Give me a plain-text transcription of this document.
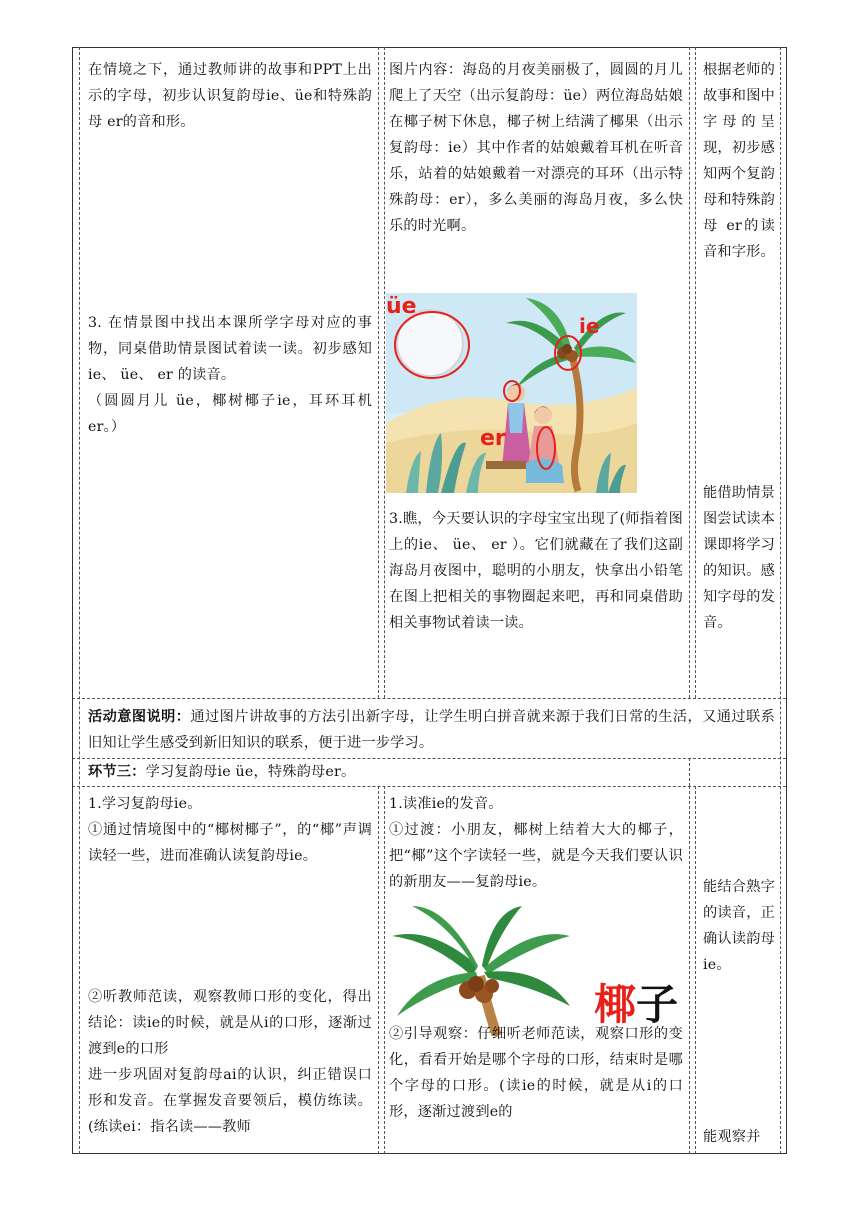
在情境之下，通过教师讲的故事和PPT上出示的字母，初步认识复韵母ie、üe和特殊韵母 er的音和形。

3. 在情景图中找出本课所学字母对应的事物，同桌借助情景图试着读一读。初步感知ie、 üe、 er 的读音。

（圆圆月儿 üe，椰树椰子ie，耳环耳机 er。）

图片内容：海岛的月夜美丽极了，圆圆的月儿爬上了天空（出示复韵母：üe）两位海岛姑娘在椰子树下休息，椰子树上结满了椰果（出示复韵母：ie）其中作者的姑娘戴着耳机在听音乐，站着的姑娘戴着一对漂亮的耳环（出示特殊韵母：er），多么美丽的海岛月夜，多么快乐的时光啊。

üe
ie
er

3.瞧，今天要认识的字母宝宝出现了(师指着图上的ie、 üe、 er ）。它们就藏在了我们这副海岛月夜图中，聪明的小朋友，快拿出小铅笔在图上把相关的事物圈起来吧，再和同桌借助相关事物试着读一读。

根据老师的故事和图中字母的呈现，初步感知两个复韵母和特殊韵母 er的读音和字形。

能借助情景图尝试读本课即将学习的知识。感知字母的发音。

活动意图说明：通过图片讲故事的方法引出新字母，让学生明白拼音就来源于我们日常的生活，又通过联系旧知让学生感受到新旧知识的联系，便于进一步学习。

环节三：学习复韵母ie üe，特殊韵母er。

1.学习复韵母ie。

①通过情境图中的“椰树椰子”，的“椰”声调读轻一些，进而准确认读复韵母ie。

②听教师范读，观察教师口形的变化，得出结论：读ie的时候，就是从i的口形，逐渐过渡到e的口形

进一步巩固对复韵母ai的认识，纠正错误口形和发音。在掌握发音要领后，模仿练读。(练读ei：指名读——教师

1.读准ie的发音。

①过渡：小朋友，椰树上结着大大的椰子，把“椰”这个字读轻一些，就是今天我们要认识的新朋友——复韵母ie。

椰子

②引导观察：仔细听老师范读，观察口形的变化，看看开始是哪个字母的口形，结束时是哪个字母的口形。(读ie的时候，就是从i的口形，逐渐过渡到e的

能结合熟字的读音，正确认读韵母ie。

能观察并
